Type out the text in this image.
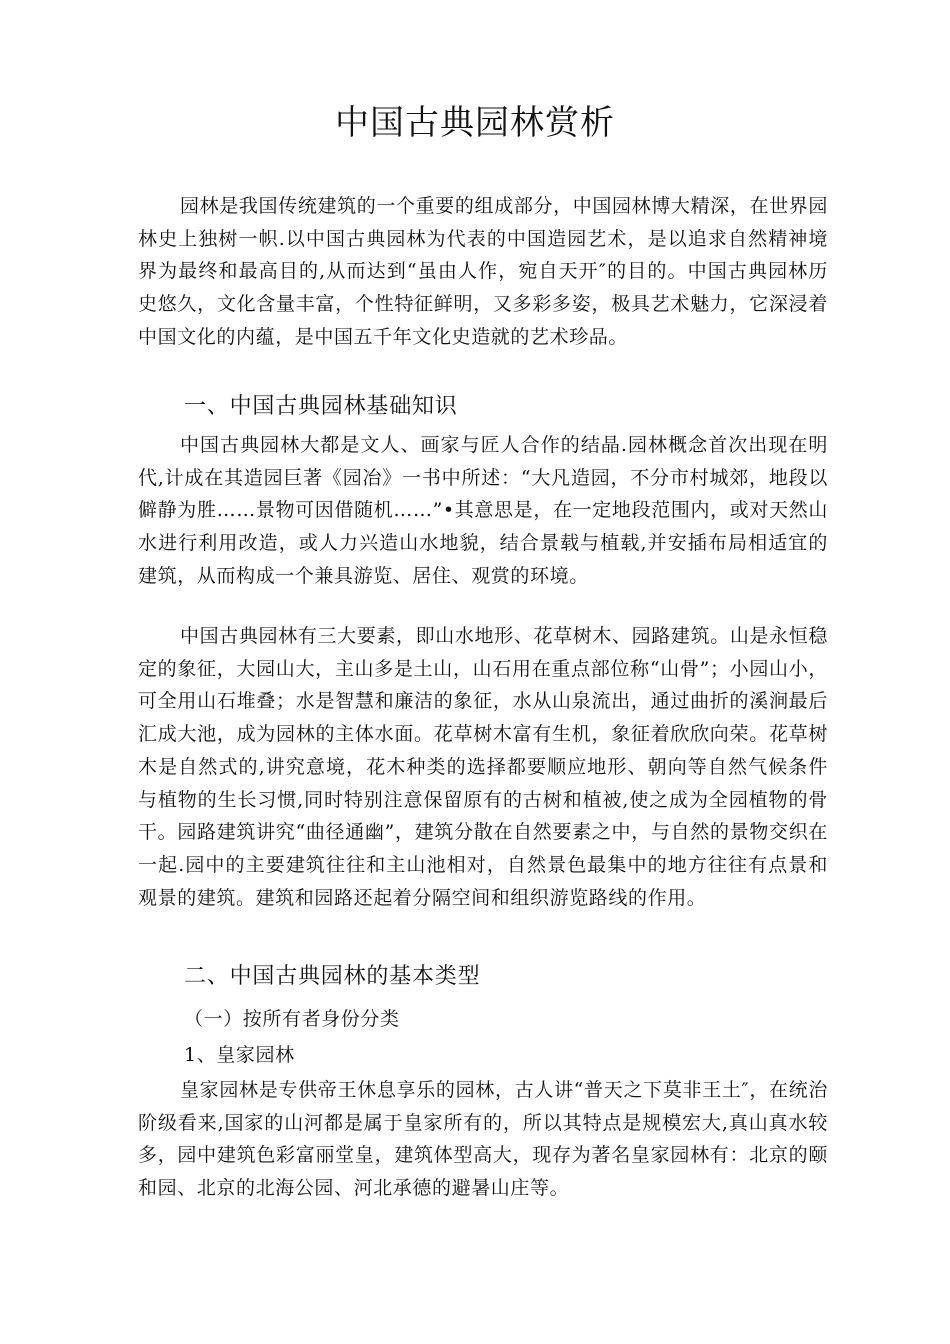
中国古典园林赏析

园林是我国传统建筑的一个重要的组成部分，中国园林博大精深，在世界园林史上独树一帜.以中国古典园林为代表的中国造园艺术，是以追求自然精神境界为最终和最高目的,从而达到“虽由人作，宛自天开″的目的。中国古典园林历史悠久，文化含量丰富，个性特征鲜明，又多彩多姿，极具艺术魅力，它深浸着中国文化的内蕴，是中国五千年文化史造就的艺术珍品。

一、中国古典园林基础知识

中国古典园林大都是文人、画家与匠人合作的结晶.园林概念首次出现在明代,计成在其造园巨著《园冶》一书中所述：“大凡造园，不分市村城郊，地段以僻静为胜……景物可因借随机……”•其意思是，在一定地段范围内，或对天然山水进行利用改造，或人力兴造山水地貌，结合景载与植载,并安插布局相适宜的建筑，从而构成一个兼具游览、居住、观赏的环境。

中国古典园林有三大要素，即山水地形、花草树木、园路建筑。山是永恒稳定的象征，大园山大，主山多是土山，山石用在重点部位称“山骨”；小园山小，可全用山石堆叠；水是智慧和廉洁的象征，水从山泉流出，通过曲折的溪涧最后汇成大池，成为园林的主体水面。花草树木富有生机，象征着欣欣向荣。花草树木是自然式的,讲究意境，花木种类的选择都要顺应地形、朝向等自然气候条件与植物的生长习惯,同时特别注意保留原有的古树和植被,使之成为全园植物的骨干。园路建筑讲究“曲径通幽”，建筑分散在自然要素之中，与自然的景物交织在一起.园中的主要建筑往往和主山池相对，自然景色最集中的地方往往有点景和观景的建筑。建筑和园路还起着分隔空间和组织游览路线的作用。

二、中国古典园林的基本类型
（一）按所有者身份分类
1、皇家园林

皇家园林是专供帝王休息享乐的园林，古人讲“普天之下莫非王土″，在统治阶级看来,国家的山河都是属于皇家所有的，所以其特点是规模宏大,真山真水较多，园中建筑色彩富丽堂皇，建筑体型高大，现存为著名皇家园林有：北京的颐和园、北京的北海公园、河北承德的避暑山庄等。
